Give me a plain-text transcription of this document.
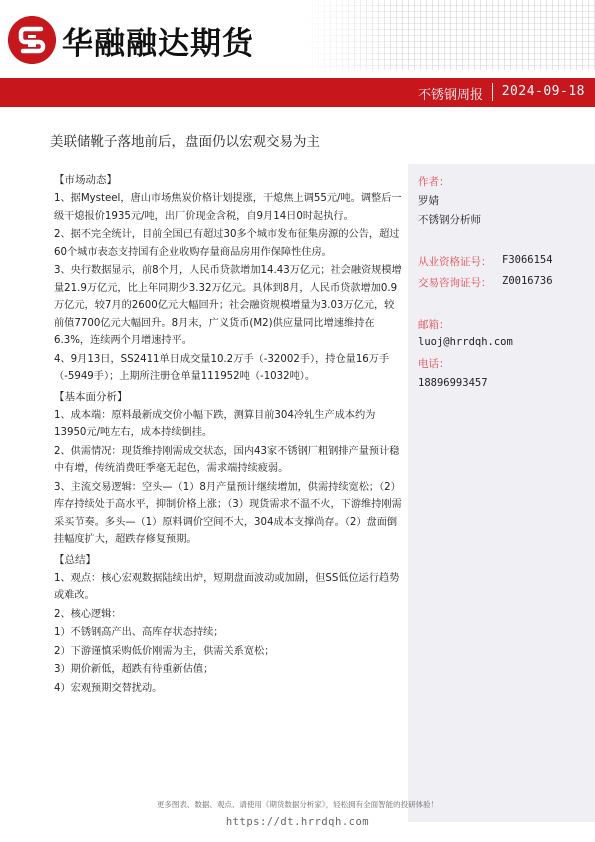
华融融达期货
不锈钢周报 2024-09-18
美联储靴子落地前后，盘面仍以宏观交易为主
作者：
罗婧
不锈钢分析师
从业资格证号： F3066154
交易咨询证号： Z0016736
邮箱：
luoj@hrrdqh.com
电话：
18896993457
【市场动态】

1、据Mysteel，唐山市场焦炭价格计划提涨，干熄焦上调55元/吨。调整后一级干熄报价1935元/吨，出厂价现金含税，自9月14日0时起执行。

2、据不完全统计，目前全国已有超过30多个城市发布征集房源的公告，超过60个城市表态支持国有企业收购存量商品房用作保障性住房。

3、央行数据显示，前8个月，人民币贷款增加14.43万亿元；社会融资规模增量21.9万亿元，比上年同期少3.32万亿元。具体到8月，人民币贷款增加0.9万亿元，较7月的2600亿元大幅回升；社会融资规模增量为3.03万亿元，较前值7700亿元大幅回升。8月末，广义货币(M2)供应量同比增速维持在6.3%，连续两个月增速持平。

4、9月13日，SS2411单日成交量10.2万手（-32002手），持仓量16万手（-5949手）；上期所注册仓单量111952吨（-1032吨）。

【基本面分析】

1、成本端：原料最新成交价小幅下跌，测算目前304冷轧生产成本约为13950元/吨左右，成本持续倒挂。

2、供需情况：现货维持刚需成交状态，国内43家不锈钢厂粗钢排产量预计稳中有增，传统消费旺季毫无起色，需求端持续疲弱。

3、主流交易逻辑：空头—（1）8月产量预计继续增加，供需持续宽松；（2）库存持续处于高水平，抑制价格上涨；（3）现货需求不温不火，下游维持刚需采买节奏。多头—（1）原料调价空间不大，304成本支撑尚存。（2）盘面倒挂幅度扩大，超跌存修复预期。

【总结】

1、观点：核心宏观数据陆续出炉，短期盘面波动或加剧，但SS低位运行趋势或难改。

2、核心逻辑：

1）不锈钢高产出、高库存状态持续；

2）下游谨慎采购低价刚需为主，供需关系宽松；

3）期价新低，超跌有待重新估值；

4）宏观预期交替扰动。

更多图表、数据、观点、请使用《期货数据分析家》，轻松拥有全面智能的投研体验！
https://dt.hrrdqh.com
